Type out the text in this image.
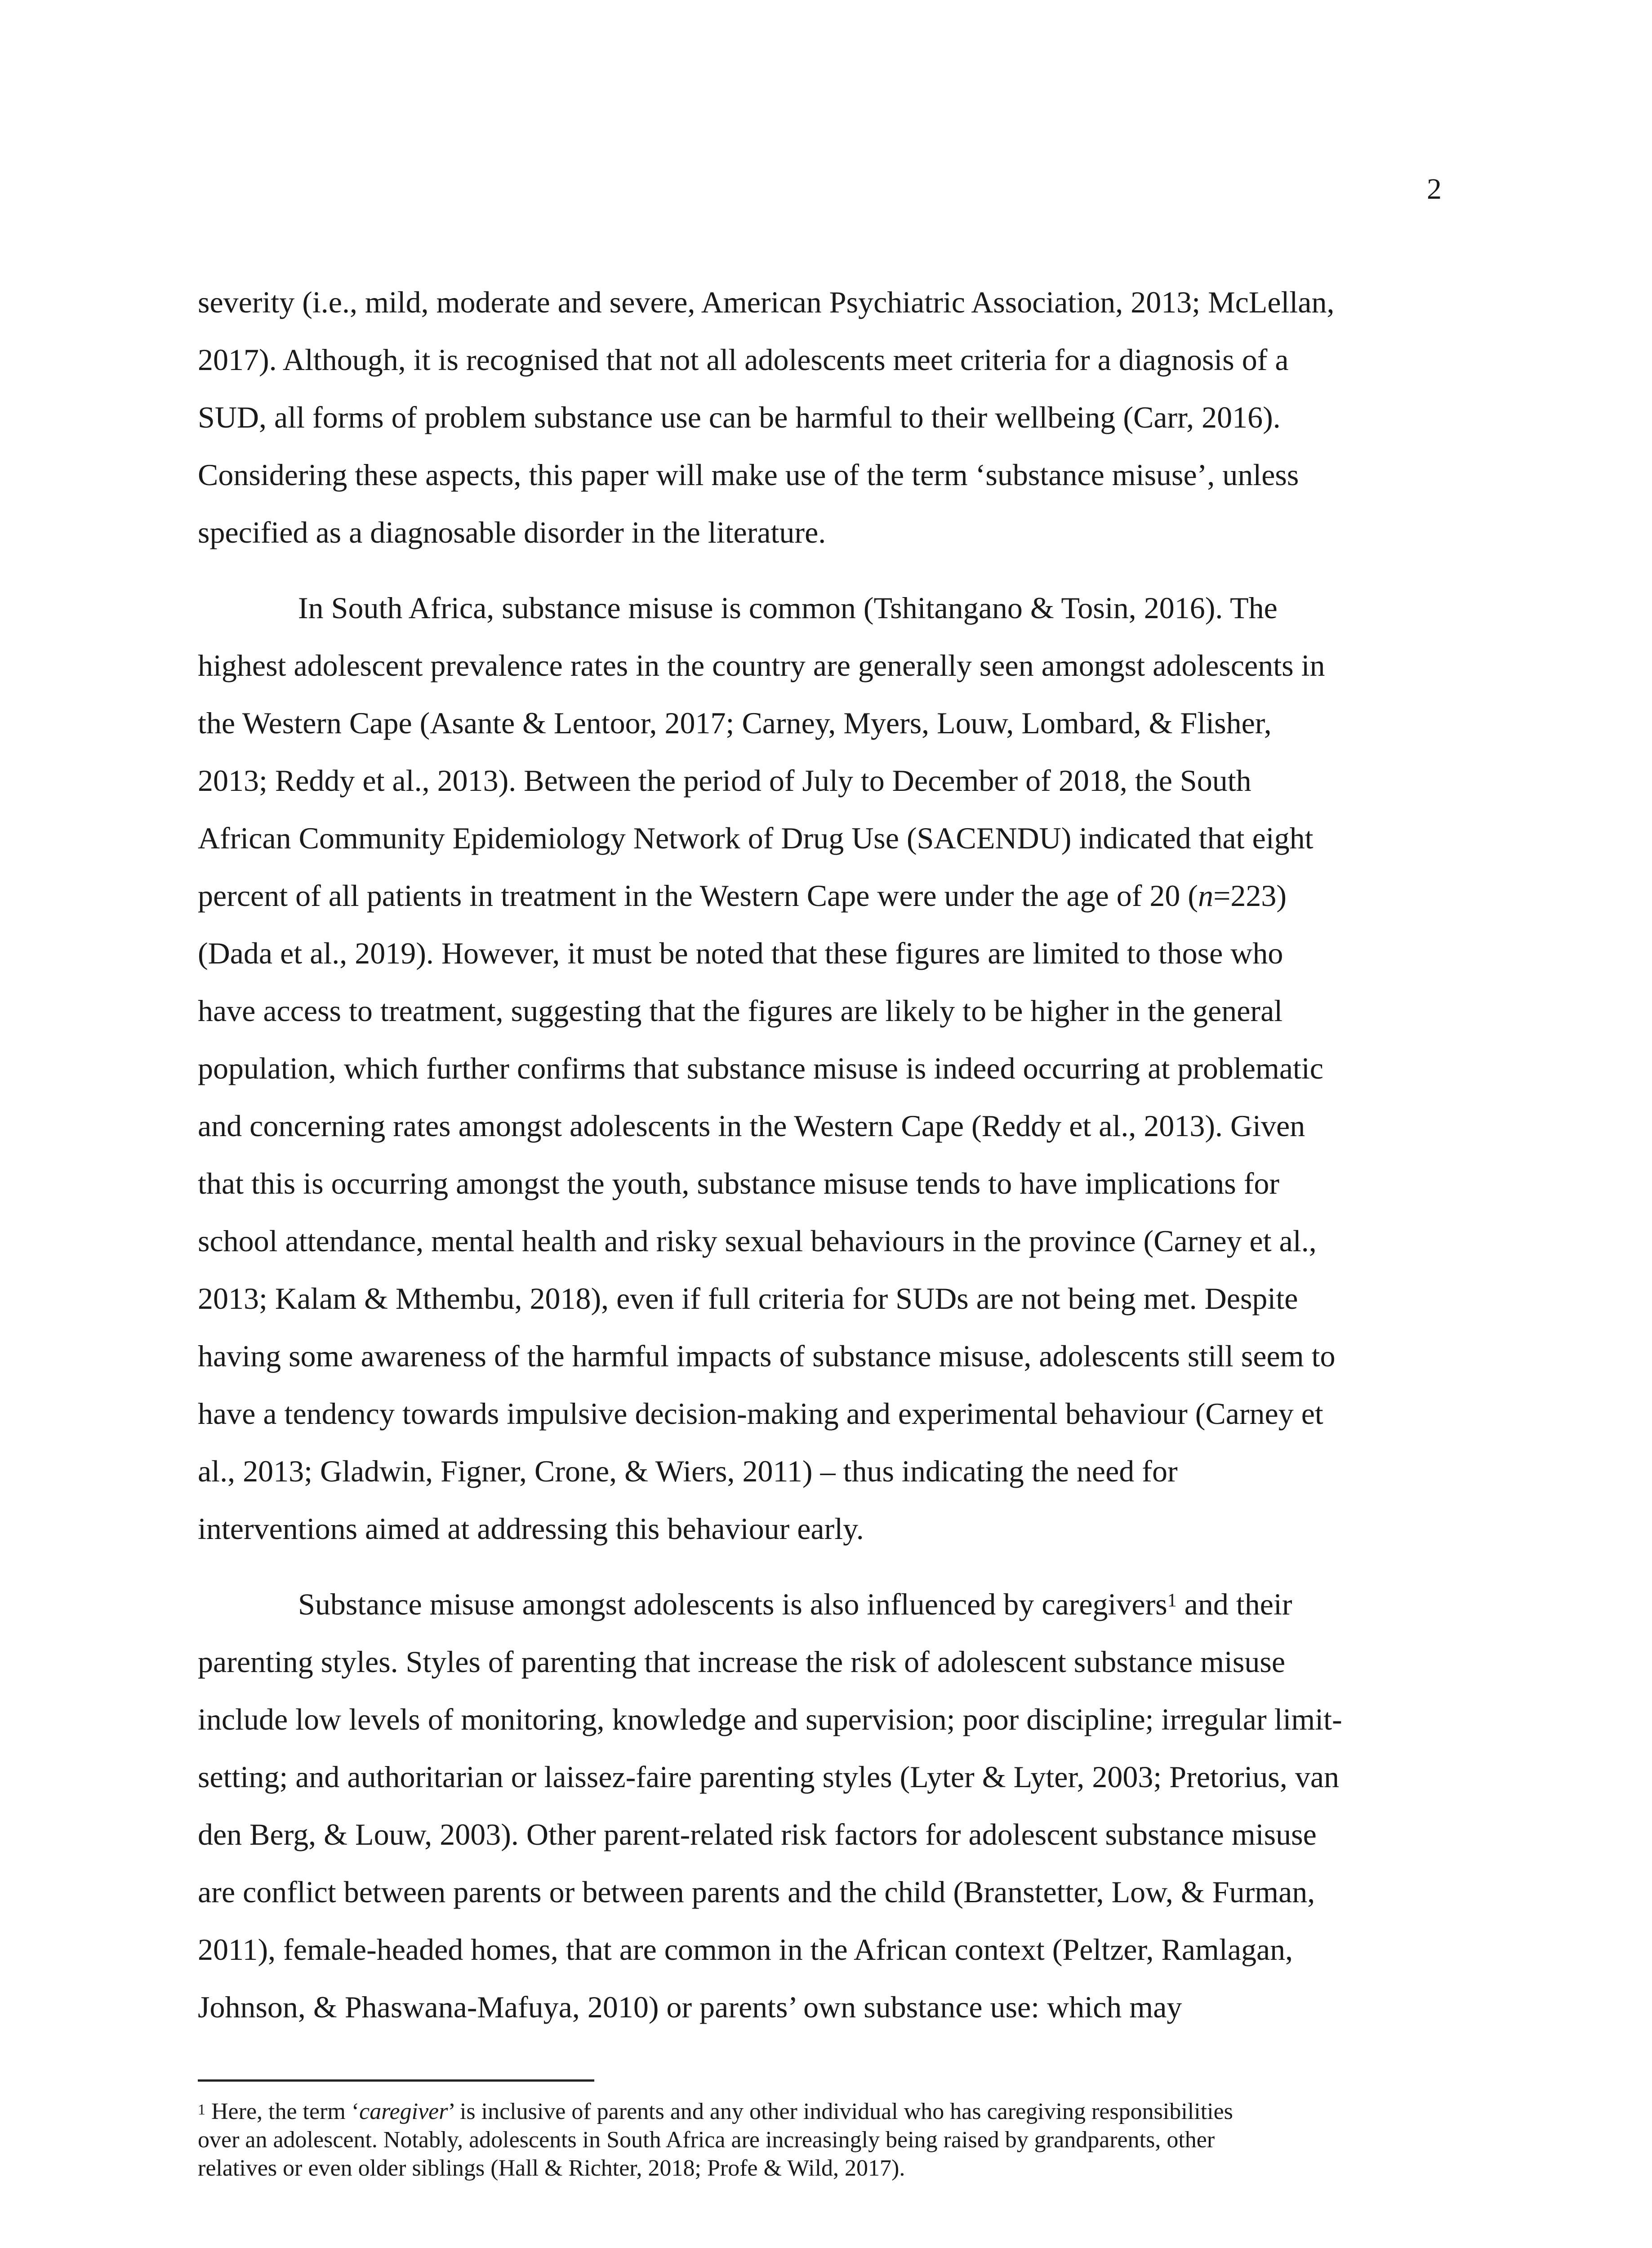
2

severity (i.e., mild, moderate and severe, American Psychiatric Association, 2013; McLellan,
2017). Although, it is recognised that not all adolescents meet criteria for a diagnosis of a
SUD, all forms of problem substance use can be harmful to their wellbeing (Carr, 2016).
Considering these aspects, this paper will make use of the term ‘substance misuse’, unless
specified as a diagnosable disorder in the literature.

In South Africa, substance misuse is common (Tshitangano & Tosin, 2016). The
highest adolescent prevalence rates in the country are generally seen amongst adolescents in
the Western Cape (Asante & Lentoor, 2017; Carney, Myers, Louw, Lombard, & Flisher,
2013; Reddy et al., 2013). Between the period of July to December of 2018, the South
African Community Epidemiology Network of Drug Use (SACENDU) indicated that eight
percent of all patients in treatment in the Western Cape were under the age of 20 (n=223)
(Dada et al., 2019). However, it must be noted that these figures are limited to those who
have access to treatment, suggesting that the figures are likely to be higher in the general
population, which further confirms that substance misuse is indeed occurring at problematic
and concerning rates amongst adolescents in the Western Cape (Reddy et al., 2013). Given
that this is occurring amongst the youth, substance misuse tends to have implications for
school attendance, mental health and risky sexual behaviours in the province (Carney et al.,
2013; Kalam & Mthembu, 2018), even if full criteria for SUDs are not being met. Despite
having some awareness of the harmful impacts of substance misuse, adolescents still seem to
have a tendency towards impulsive decision-making and experimental behaviour (Carney et
al., 2013; Gladwin, Figner, Crone, & Wiers, 2011) – thus indicating the need for
interventions aimed at addressing this behaviour early.

Substance misuse amongst adolescents is also influenced by caregivers$^1$ and their
parenting styles. Styles of parenting that increase the risk of adolescent substance misuse
include low levels of monitoring, knowledge and supervision; poor discipline; irregular limit-
setting; and authoritarian or laissez-faire parenting styles (Lyter & Lyter, 2003; Pretorius, van
den Berg, & Louw, 2003). Other parent-related risk factors for adolescent substance misuse
are conflict between parents or between parents and the child (Branstetter, Low, & Furman,
2011), female-headed homes, that are common in the African context (Peltzer, Ramlagan,
Johnson, & Phaswana-Mafuya, 2010) or parents’ own substance use: which may

$^1$ Here, the term ‘caregiver’ is inclusive of parents and any other individual who has caregiving responsibilities
over an adolescent. Notably, adolescents in South Africa are increasingly being raised by grandparents, other
relatives or even older siblings (Hall & Richter, 2018; Profe & Wild, 2017).
